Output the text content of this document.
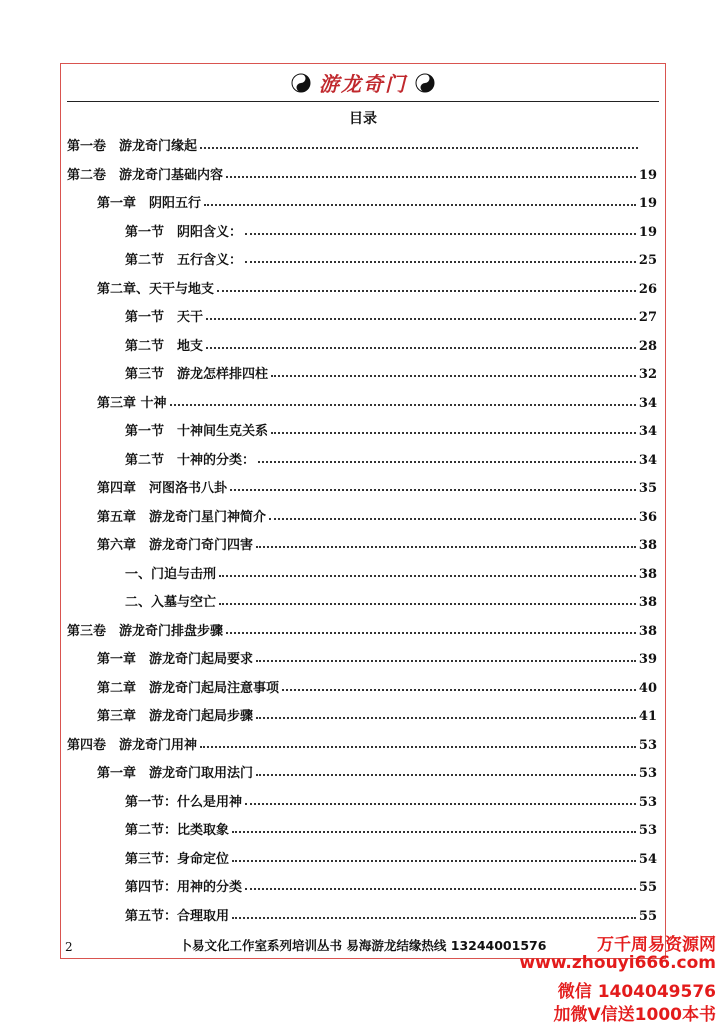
游龙奇门
目录
第一卷　游龙奇门缘起
第二卷　游龙奇门基础内容	19
第一章　阴阳五行	19
第一节　阴阳含义：	19
第二节　五行含义：	25
第二章、天干与地支	26
第一节　天干	27
第二节　地支	28
第三节　游龙怎样排四柱	32
第三章 十神	34
第一节　十神间生克关系	34
第二节　十神的分类：	34
第四章　河图洛书八卦	35
第五章　游龙奇门星门神简介	36
第六章　游龙奇门奇门四害	38
一、门迫与击刑	38
二、入墓与空亡	38
第三卷　游龙奇门排盘步骤	38
第一章　游龙奇门起局要求	39
第二章　游龙奇门起局注意事项	40
第三章　游龙奇门起局步骤	41
第四卷　游龙奇门用神	53
第一章　游龙奇门取用法门	53
第一节：什么是用神	53
第二节：比类取象	53
第三节：身命定位	54
第四节：用神的分类	55
第五节：合理取用	55
2	卜易文化工作室系列培训丛书 易海游龙结缘热线 13244001576	万千周易资源网
www.zhouyi666.com
微信 1404049576
加微V信送1000本书
